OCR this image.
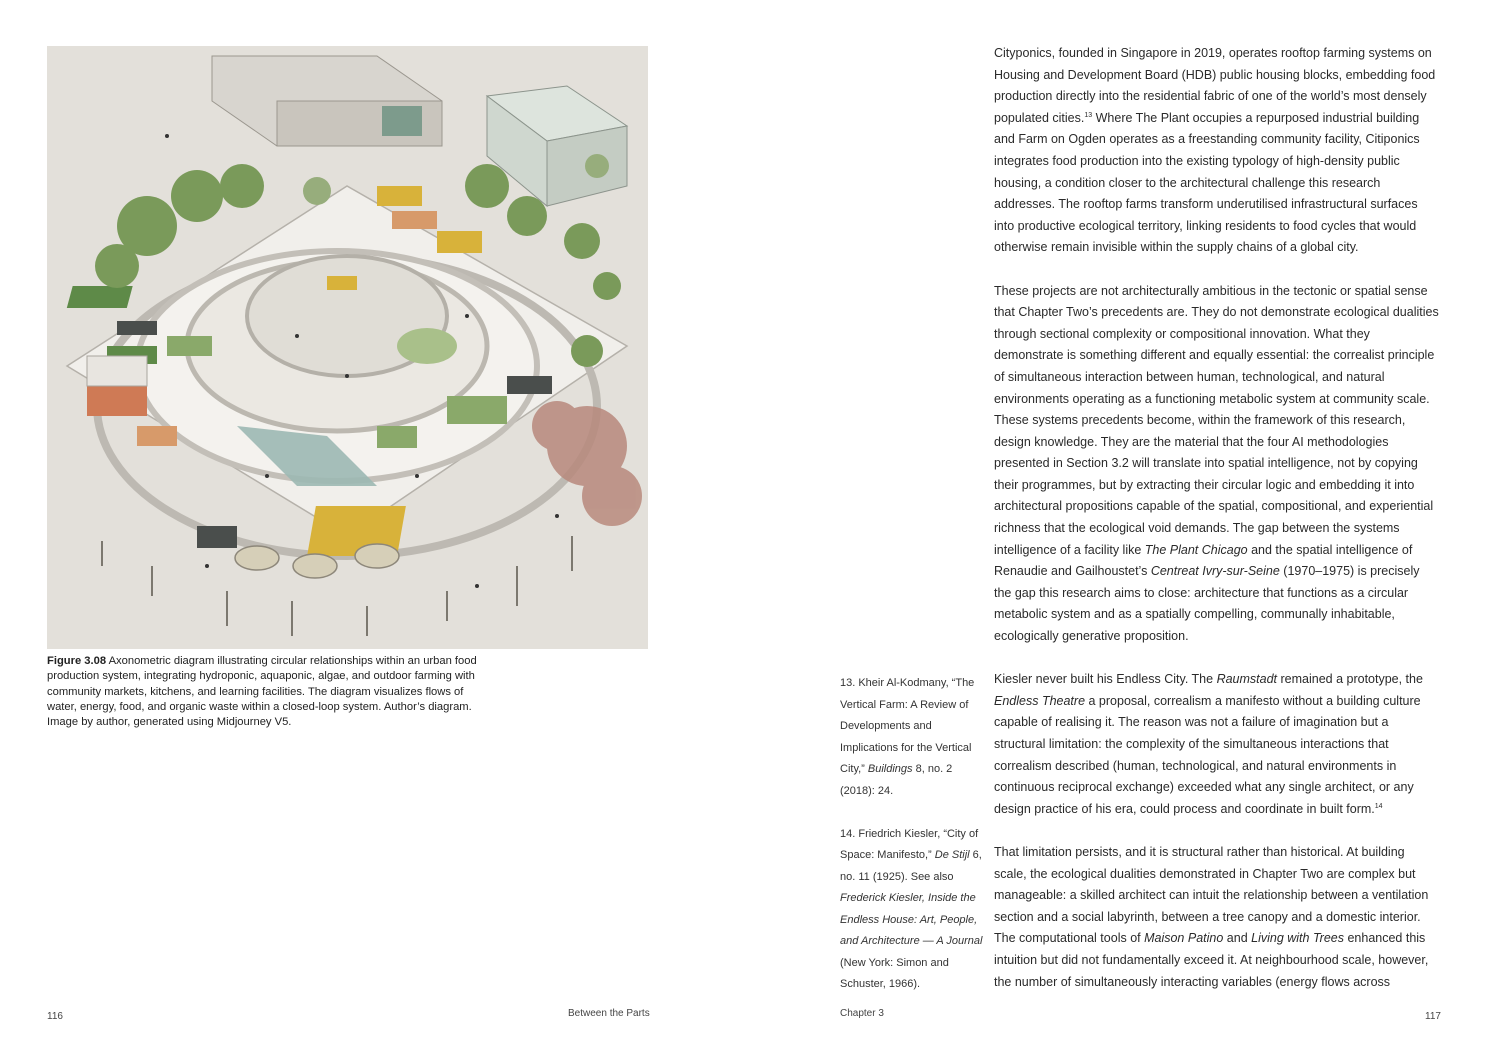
Figure 3.08 Axonometric diagram illustrating circular relationships within an urban food production system, integrating hydroponic, aquaponic, algae, and outdoor farming with community markets, kitchens, and learning facilities. The diagram visualizes flows of water, energy, food, and organic waste within a closed-loop system. Author’s diagram. Image by author, generated using Midjourney V5.

Cityponics, founded in Singapore in 2019, operates rooftop farming systems on Housing and Development Board (HDB) public housing blocks, embedding food production directly into the residential fabric of one of the world’s most densely populated cities.$^{13}$ Where The Plant occupies a repurposed industrial building and Farm on Ogden operates as a freestanding community facility, Citiponics integrates food production into the existing typology of high-density public housing, a condition closer to the architectural challenge this research addresses. The rooftop farms transform underutilised infrastructural surfaces into productive ecological territory, linking residents to food cycles that would otherwise remain invisible within the supply chains of a global city.

These projects are not architecturally ambitious in the tectonic or spatial sense that Chapter Two’s precedents are. They do not demonstrate ecological dualities through sectional complexity or compositional innovation. What they demonstrate is something different and equally essential: the correalist principle of simultaneous interaction between human, technological, and natural environments operating as a functioning metabolic system at community scale. These systems precedents become, within the framework of this research, design knowledge. They are the material that the four AI methodologies presented in Section 3.2 will translate into spatial intelligence, not by copying their programmes, but by extracting their circular logic and embedding it into architectural propositions capable of the spatial, compositional, and experiential richness that the ecological void demands. The gap between the systems intelligence of a facility like The Plant Chicago and the spatial intelligence of Renaudie and Gailhoustet’s Centreat Ivry-sur-Seine (1970–1975) is precisely the gap this research aims to close: architecture that functions as a circular metabolic system and as a spatially compelling, communally inhabitable, ecologically generative proposition.

Kiesler never built his Endless City. The Raumstadt remained a prototype, the Endless Theatre a proposal, correalism a manifesto without a building culture capable of realising it. The reason was not a failure of imagination but a structural limitation: the complexity of the simultaneous interactions that correalism described (human, technological, and natural environments in continuous reciprocal exchange) exceeded what any single architect, or any design practice of his era, could process and coordinate in built form.$^{14}$

That limitation persists, and it is structural rather than historical. At building scale, the ecological dualities demonstrated in Chapter Two are complex but manageable: a skilled architect can intuit the relationship between a ventilation section and a social labyrinth, between a tree canopy and a domestic interior. The computational tools of Maison Patino and Living with Trees enhanced this intuition but did not fundamentally exceed it. At neighbourhood scale, however, the number of simultaneously interacting variables (energy flows across

13. Kheir Al-Kodmany, “The Vertical Farm: A Review of Developments and Implications for the Vertical City,” Buildings 8, no. 2 (2018): 24.

14. Friedrich Kiesler, “City of Space: Manifesto,” De Stijl 6, no. 11 (1925). See also Frederick Kiesler, Inside the Endless House: Art, People, and Architecture — A Journal (New York: Simon and Schuster, 1966).

116	Between the Parts	Chapter 3	117
